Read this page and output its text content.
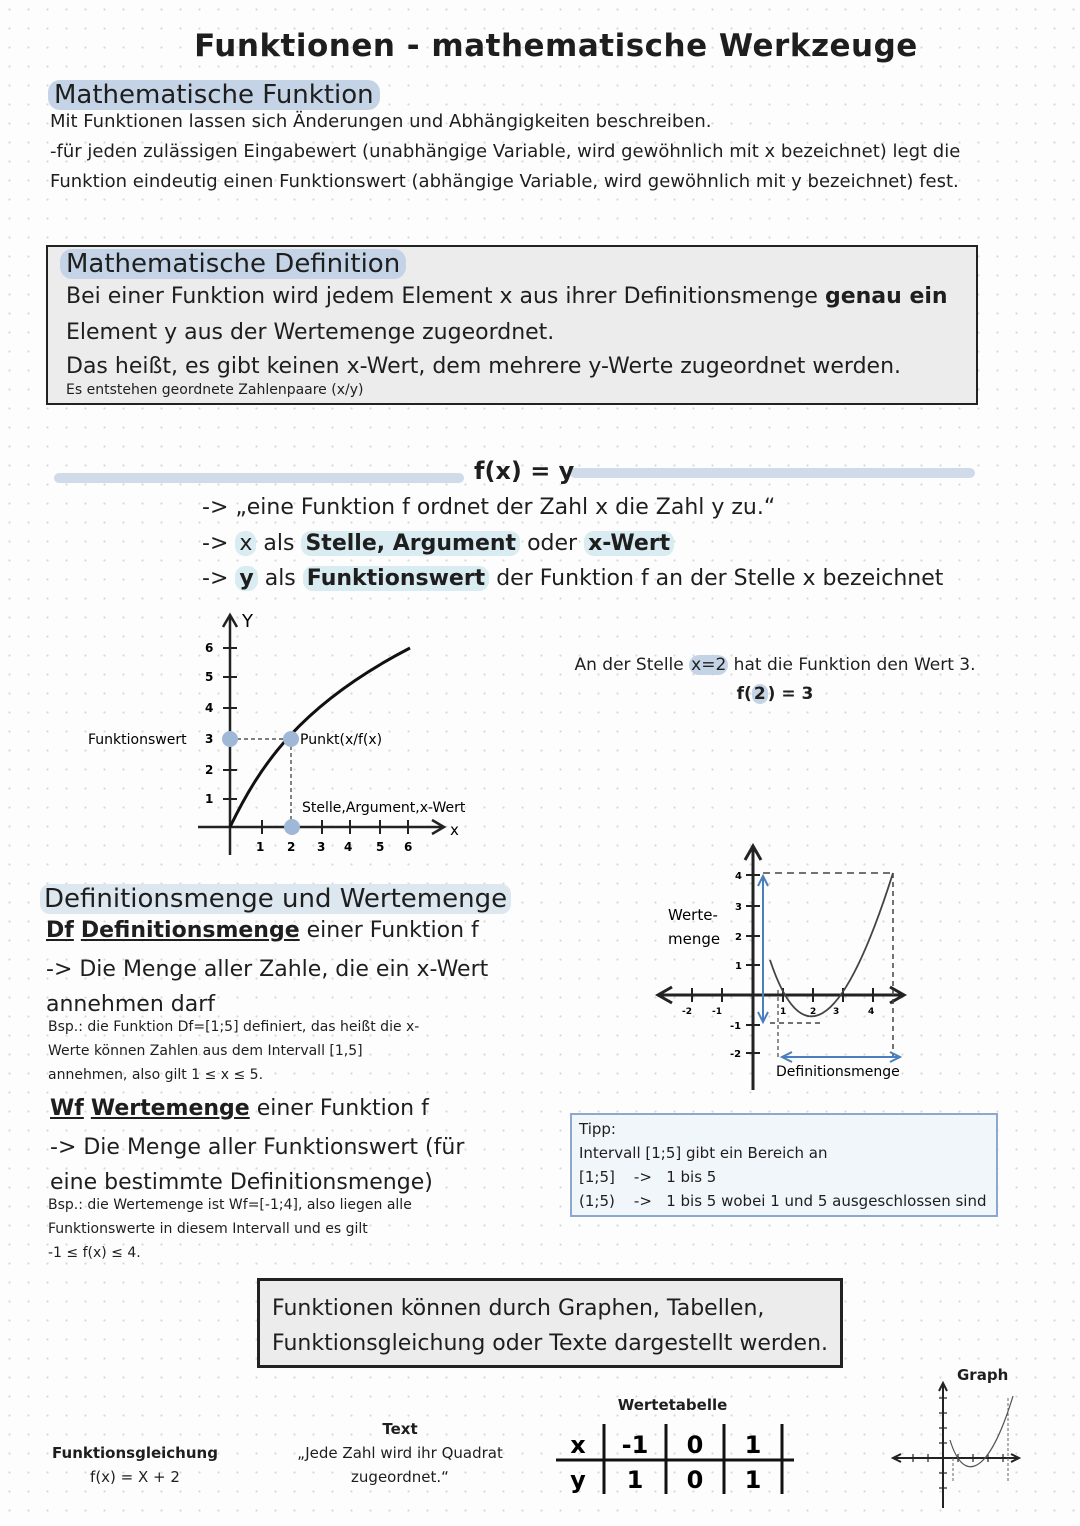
Funktionen - mathematische Werkzeuge
Mathematische Funktion
Mit Funktionen lassen sich Änderungen und Abhängigkeiten beschreiben.
-für jeden zulässigen Eingabewert (unabhängige Variable, wird gewöhnlich mit x bezeichnet) legt die
Funktion eindeutig einen Funktionswert (abhängige Variable, wird gewöhnlich mit y bezeichnet) fest.
Mathematische Definition
Bei einer Funktion wird jedem Element x aus ihrer Definitionsmenge genau ein
Element y aus der Wertemenge zugeordnet.
Das heißt, es gibt keinen x-Wert, dem mehrere y-Werte zugeordnet werden.
Es entstehen geordnete Zahlenpaare (x/y)
f(x) = y
-> „eine Funktion f ordnet der Zahl x die Zahl y zu.“
-> x als Stelle, Argument oder x-Wert
-> y als Funktionswert der Funktion f an der Stelle x bezeichnet
Y
x
1
2
3
4
5
6
1 2 3 4 5 6
Funktionswert	Punkt(x/f(x)
Stelle,Argument,x-Wert
An der Stelle x=2 hat die Funktion den Wert 3.
f( 2 ) = 3
Definitionsmenge und Wertemenge
Df Definitionsmenge einer Funktion f
-> Die Menge aller Zahle, die ein x-Wert
annehmen darf
Bsp.: die Funktion Df=[1;5] definiert, das heißt die x-
Werte können Zahlen aus dem Intervall [1,5]
annehmen, also gilt 1 ≤ x ≤ 5.
Wf Wertemenge einer Funktion f
-> Die Menge aller Funktionswert (für
eine bestimmte Definitionsmenge)
Bsp.: die Wertemenge ist Wf=[-1;4], also liegen alle
Funktionswerte in diesem Intervall und es gilt
-1 ≤ f(x) ≤ 4.
4
3
2
1
-1
-2
-2 -1	1	2 3	4
Werte-
menge
Definitionsmenge
Tipp:
Intervall [1;5] gibt ein Bereich an
[1;5]    ->   1 bis 5
(1;5)    ->   1 bis 5 wobei 1 und 5 ausgeschlossen sind
Funktionen können durch Graphen, Tabellen,
Funktionsgleichung oder Texte dargestellt werden.
Funktionsgleichung
f(x) = X + 2
Text
„Jede Zahl wird ihr Quadrat
zugeordnet.“
Wertetabelle
x -1 0 1
y 1 0 1
Graph
